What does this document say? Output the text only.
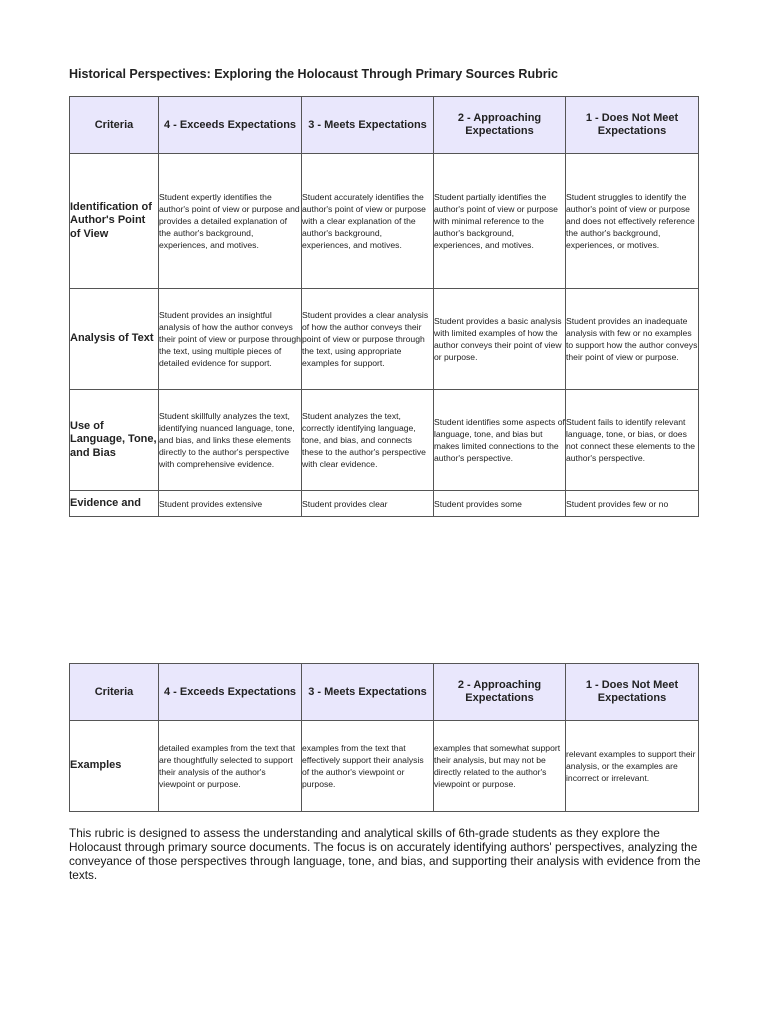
Historical Perspectives: Exploring the Holocaust Through Primary Sources Rubric
Criteria	4 - Exceeds Expectations	3 - Meets Expectations	2 - Approaching Expectations	1 - Does Not Meet Expectations
Identification of Author's Point of View	Student expertly identifies the author's point of view or purpose and provides a detailed explanation of the author's background, experiences, and motives.	Student accurately identifies the author's point of view or purpose with a clear explanation of the author's background, experiences, and motives.	Student partially identifies the author's point of view or purpose with minimal reference to the author's background, experiences, and motives.	Student struggles to identify the author's point of view or purpose and does not effectively reference the author's background, experiences, or motives.
Analysis of Text	Student provides an insightful analysis of how the author conveys their point of view or purpose through the text, using multiple pieces of detailed evidence for support.	Student provides a clear analysis of how the author conveys their point of view or purpose through the text, using appropriate examples for support.	Student provides a basic analysis with limited examples of how the author conveys their point of view or purpose.	Student provides an inadequate analysis with few or no examples to support how the author conveys their point of view or purpose.
Use of Language, Tone, and Bias	Student skillfully analyzes the text, identifying nuanced language, tone, and bias, and links these elements directly to the author's perspective with comprehensive evidence.	Student analyzes the text, correctly identifying language, tone, and bias, and connects these to the author's perspective with clear evidence.	Student identifies some aspects of language, tone, and bias but makes limited connections to the author's perspective.	Student fails to identify relevant language, tone, or bias, or does not connect these elements to the author's perspective.
Evidence and	Student provides extensive	Student provides clear	Student provides some	Student provides few or no
Criteria	4 - Exceeds Expectations	3 - Meets Expectations	2 - Approaching Expectations	1 - Does Not Meet Expectations
Examples	detailed examples from the text that are thoughtfully selected to support their analysis of the author's viewpoint or purpose.	examples from the text that effectively support their analysis of the author's viewpoint or purpose.	examples that somewhat support their analysis, but may not be directly related to the author's viewpoint or purpose.	relevant examples to support their analysis, or the examples are incorrect or irrelevant.
This rubric is designed to assess the understanding and analytical skills of 6th-grade students as they explore the Holocaust through primary source documents. The focus is on accurately identifying authors' perspectives, analyzing the conveyance of those perspectives through language, tone, and bias, and supporting their analysis with evidence from the texts.
